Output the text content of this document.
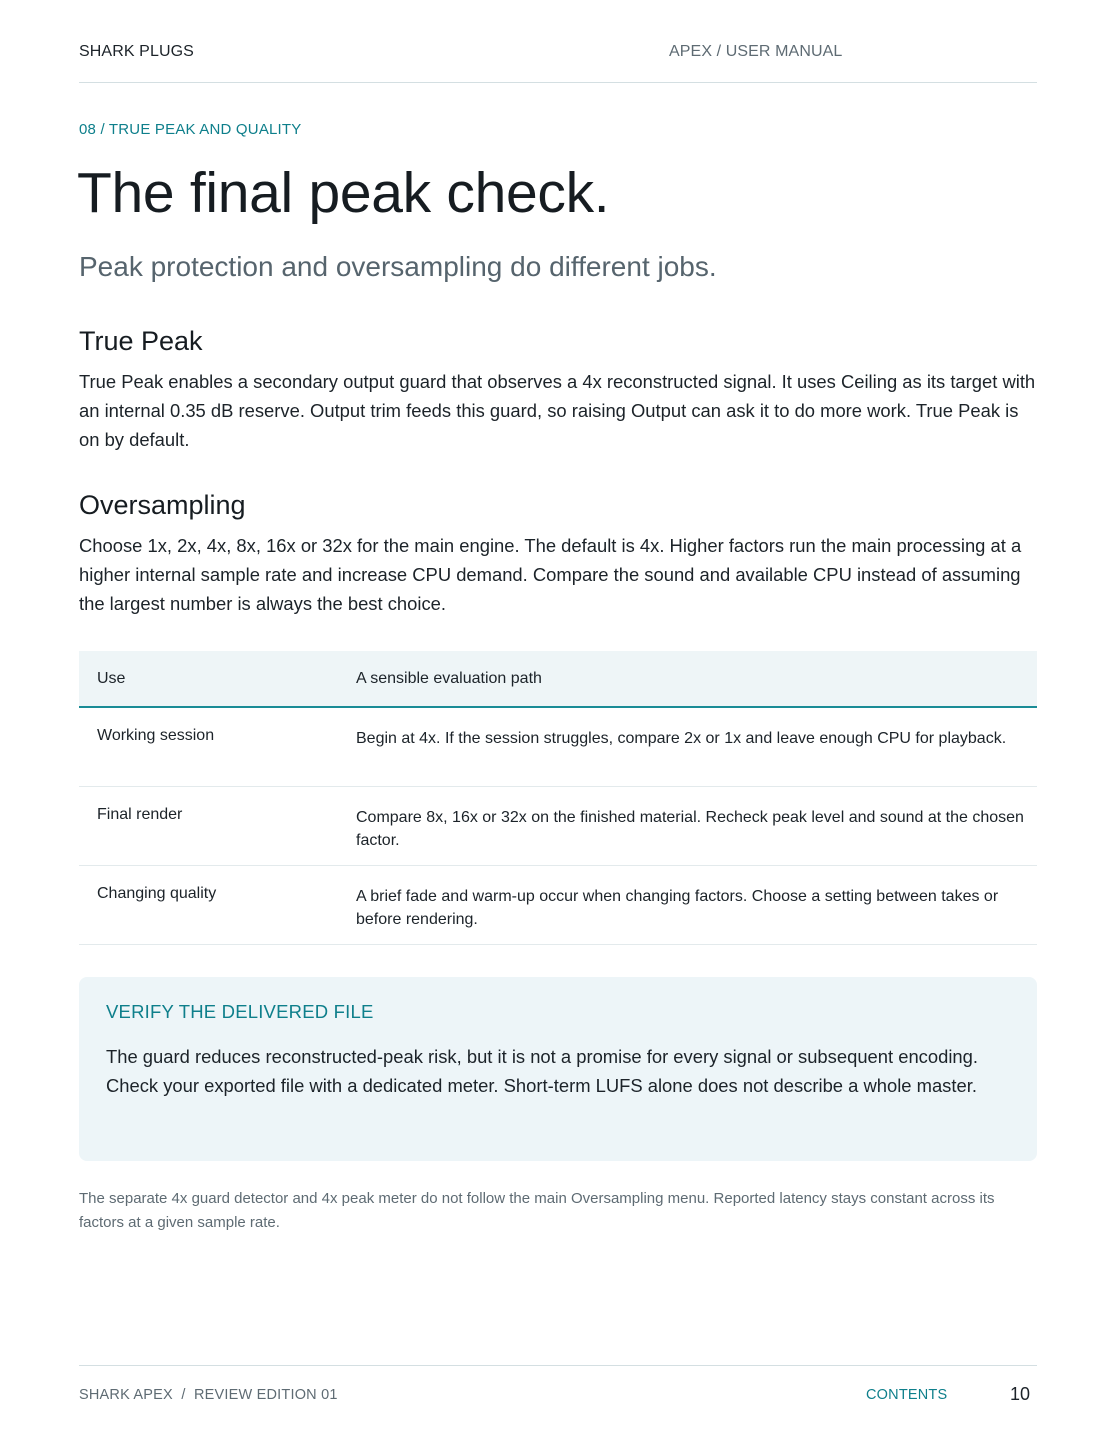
SHARK PLUGS	APEX / USER MANUAL
08 / TRUE PEAK AND QUALITY
The final peak check.

Peak protection and oversampling do different jobs.

True Peak

True Peak enables a secondary output guard that observes a 4x reconstructed signal. It uses Ceiling as its target with an internal 0.35 dB reserve. Output trim feeds this guard, so raising Output can ask it to do more work. True Peak is on by default.

Oversampling

Choose 1x, 2x, 4x, 8x, 16x or 32x for the main engine. The default is 4x. Higher factors run the main processing at a higher internal sample rate and increase CPU demand. Compare the sound and available CPU instead of assuming the largest number is always the best choice.

Use	A sensible evaluation path
Working session	Begin at 4x. If the session struggles, compare 2x or 1x and leave enough CPU for playback.
Final render	Compare 8x, 16x or 32x on the finished material. Recheck peak level and sound at the chosen factor.
Changing quality	A brief fade and warm-up occur when changing factors. Choose a setting between takes or before rendering.
VERIFY THE DELIVERED FILE

The guard reduces reconstructed-peak risk, but it is not a promise for every signal or subsequent encoding. Check your exported file with a dedicated meter. Short-term LUFS alone does not describe a whole master.

The separate 4x guard detector and 4x peak meter do not follow the main Oversampling menu. Reported latency stays constant across its factors at a given sample rate.

SHARK APEX  /  REVIEW EDITION 01	CONTENTS	10
